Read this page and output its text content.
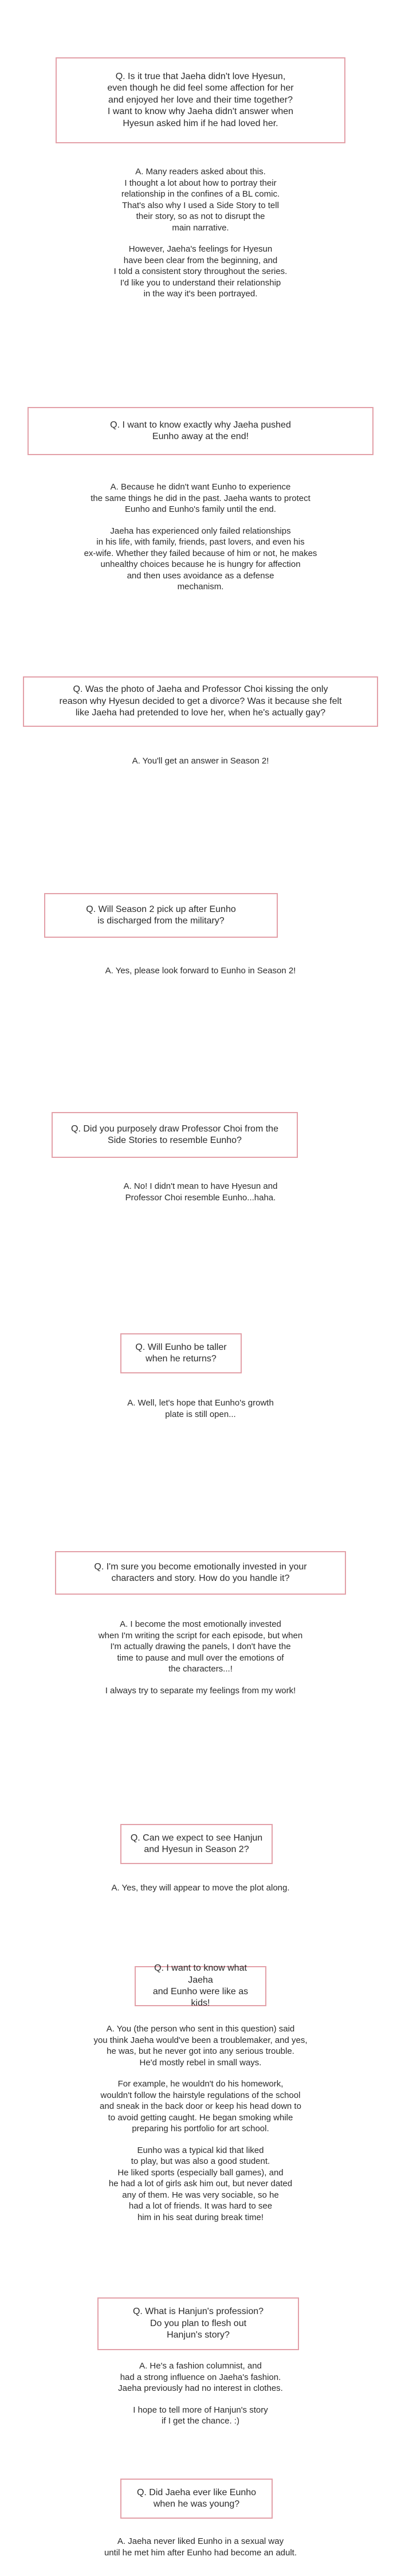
Q. Is it true that Jaeha didn't love Hyesun,
even though he did feel some affection for her
and enjoyed her love and their time together?
I want to know why Jaeha didn't answer when
Hyesun asked him if he had loved her.

A. Many readers asked about this.
I thought a lot about how to portray their
relationship in the confines of a BL comic.
That's also why I used a Side Story to tell
their story, so as not to disrupt the
main narrative.

However, Jaeha's feelings for Hyesun
have been clear from the beginning, and
I told a consistent story throughout the series.
I'd like you to understand their relationship
in the way it's been portrayed.

Q. I want to know exactly why Jaeha pushed
Eunho away at the end!

A. Because he didn't want Eunho to experience
the same things he did in the past. Jaeha wants to protect
Eunho and Eunho's family until the end.

Jaeha has experienced only failed relationships
in his life, with family, friends, past lovers, and even his
ex-wife. Whether they failed because of him or not, he makes
unhealthy choices because he is hungry for affection
and then uses avoidance as a defense
mechanism.

Q. Was the photo of Jaeha and Professor Choi kissing the only
reason why Hyesun decided to get a divorce? Was it because she felt
like Jaeha had pretended to love her, when he's actually gay?

A. You'll get an answer in Season 2!

Q. Will Season 2 pick up after Eunho
is discharged from the military?

A. Yes, please look forward to Eunho in Season 2!

Q. Did you purposely draw Professor Choi from the
Side Stories to resemble Eunho?

A. No! I didn't mean to have Hyesun and
Professor Choi resemble Eunho...haha.

Q. Will Eunho be taller
when he returns?

A. Well, let's hope that Eunho's growth
plate is still open...

Q. I'm sure you become emotionally invested in your
characters and story. How do you handle it?

A. I become the most emotionally invested
when I'm writing the script for each episode, but when
I'm actually drawing the panels, I don't have the
time to pause and mull over the emotions of
the characters...!

I always try to separate my feelings from my work!

Q. Can we expect to see Hanjun
and Hyesun in Season 2?

A. Yes, they will appear to move the plot along.

Q. I want to know what Jaeha
and Eunho were like as kids!

A. You (the person who sent in this question) said
you think Jaeha would've been a troublemaker, and yes,
he was, but he never got into any serious trouble.
He'd mostly rebel in small ways.

For example, he wouldn't do his homework,
wouldn't follow the hairstyle regulations of the school
and sneak in the back door or keep his head down to
to avoid getting caught. He began smoking while
preparing his portfolio for art school.

Eunho was a typical kid that liked
to play, but was also a good student.
He liked sports (especially ball games), and
he had a lot of girls ask him out, but never dated
any of them. He was very sociable, so he
had a lot of friends. It was hard to see
him in his seat during break time!

Q. What is Hanjun's profession?
Do you plan to flesh out
Hanjun's story?

A. He's a fashion columnist, and
had a strong influence on Jaeha's fashion.
Jaeha previously had no interest in clothes.

I hope to tell more of Hanjun's story
if I get the chance. :)

Q. Did Jaeha ever like Eunho
when he was young?

A. Jaeha never liked Eunho in a sexual way
until he met him after Eunho had become an adult.
